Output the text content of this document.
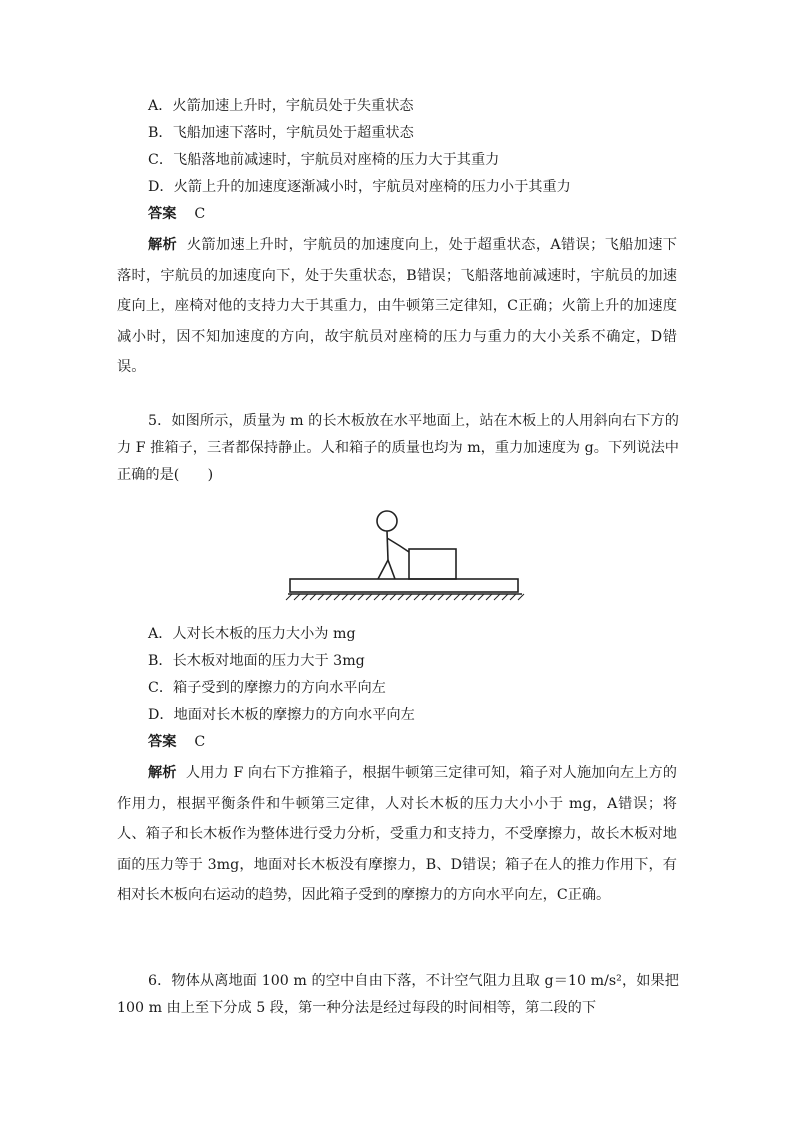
A．火箭加速上升时，宇航员处于失重状态
B．飞船加速下落时，宇航员处于超重状态
C．飞船落地前减速时，宇航员对座椅的压力大于其重力
D．火箭上升的加速度逐渐减小时，宇航员对座椅的压力小于其重力
答案 C
解析 火箭加速上升时，宇航员的加速度向上，处于超重状态，A错误；飞船加速下落时，宇航员的加速度向下，处于失重状态，B错误；飞船落地前减速时，宇航员的加速度向上，座椅对他的支持力大于其重力，由牛顿第三定律知，C正确；火箭上升的加速度减小时，因不知加速度的方向，故宇航员对座椅的压力与重力的大小关系不确定，D错误。
5．如图所示，质量为 m 的长木板放在水平地面上，站在木板上的人用斜向右下方的力 F 推箱子，三者都保持静止。人和箱子的质量也均为 m，重力加速度为 g。下列说法中正确的是(　　)
A．人对长木板的压力大小为 mg
B．长木板对地面的压力大于 3mg
C．箱子受到的摩擦力的方向水平向左
D．地面对长木板的摩擦力的方向水平向左
答案 C
解析 人用力 F 向右下方推箱子，根据牛顿第三定律可知，箱子对人施加向左上方的作用力，根据平衡条件和牛顿第三定律，人对长木板的压力大小小于 mg，A错误；将人、箱子和长木板作为整体进行受力分析，受重力和支持力，不受摩擦力，故长木板对地面的压力等于 3mg，地面对长木板没有摩擦力，B、D错误；箱子在人的推力作用下，有相对长木板向右运动的趋势，因此箱子受到的摩擦力的方向水平向左，C正确。
6．物体从离地面 100 m 的空中自由下落，不计空气阻力且取 g＝10 m/s²，如果把 100 m 由上至下分成 5 段，第一种分法是经过每段的时间相等，第二段的下
